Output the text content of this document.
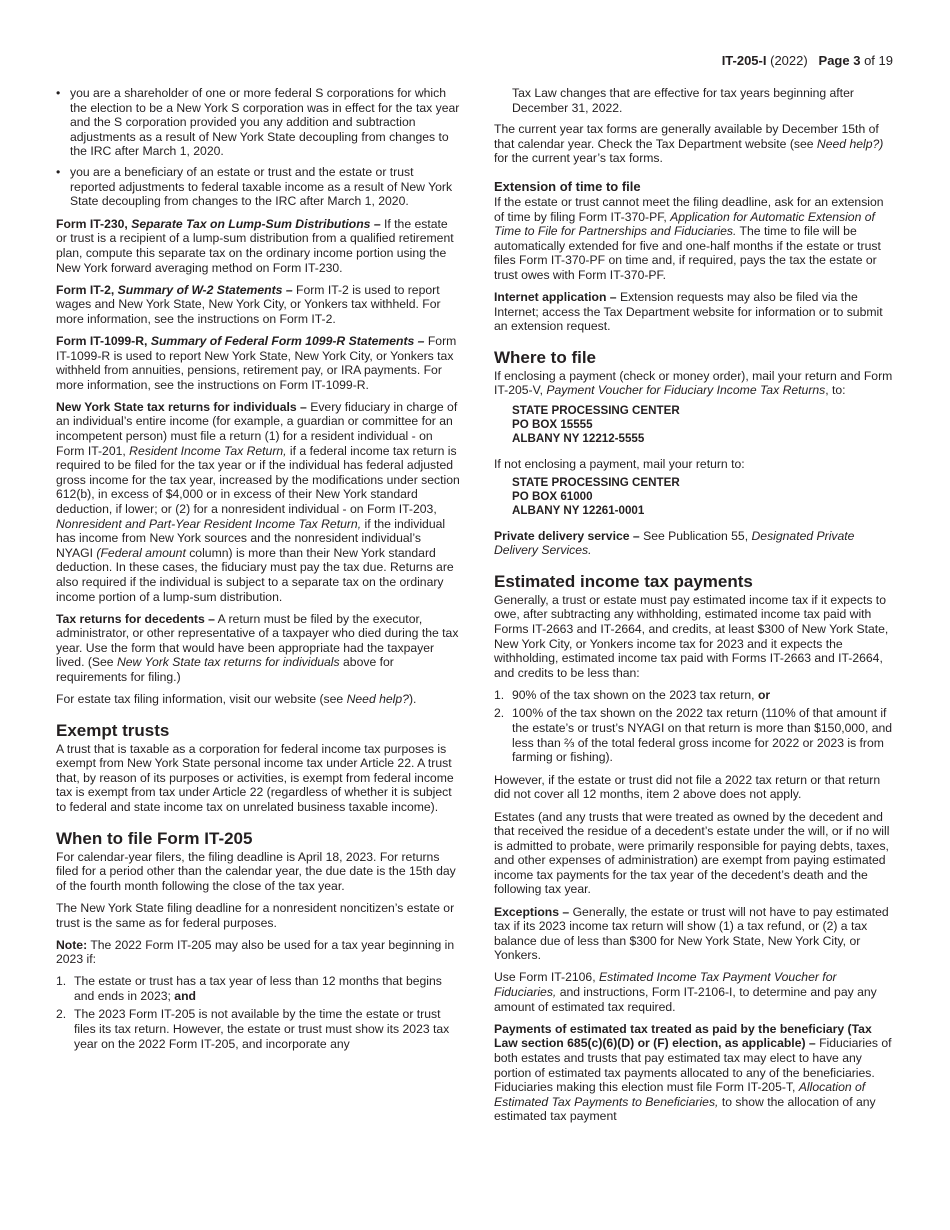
IT-205-I (2022) Page 3 of 19
• you are a shareholder of one or more federal S corporations for which the election to be a New York S corporation was in effect for the tax year and the S corporation provided you any addition and subtraction adjustments as a result of New York State decoupling from changes to the IRC after March 1, 2020.
• you are a beneficiary of an estate or trust and the estate or trust reported adjustments to federal taxable income as a result of New York State decoupling from changes to the IRC after March 1, 2020.

Form IT-230, Separate Tax on Lump-Sum Distributions – If the estate or trust is a recipient of a lump-sum distribution from a qualified retirement plan, compute this separate tax on the ordinary income portion using the New York forward averaging method on Form IT-230.

Form IT-2, Summary of W-2 Statements – Form IT-2 is used to report wages and New York State, New York City, or Yonkers tax withheld. For more information, see the instructions on Form IT-2.

Form IT-1099-R, Summary of Federal Form 1099-R Statements – Form IT-1099-R is used to report New York State, New York City, or Yonkers tax withheld from annuities, pensions, retirement pay, or IRA payments. For more information, see the instructions on Form IT-1099-R.

New York State tax returns for individuals – Every fiduciary in charge of an individual’s entire income (for example, a guardian or committee for an incompetent person) must file a return (1) for a resident individual - on Form IT-201, Resident Income Tax Return, if a federal income tax return is required to be filed for the tax year or if the individual has federal adjusted gross income for the tax year, increased by the modifications under section 612(b), in excess of $4,000 or in excess of their New York standard deduction, if lower; or (2) for a nonresident individual - on Form IT-203, Nonresident and Part-Year Resident Income Tax Return, if the individual has income from New York sources and the nonresident individual’s NYAGI (Federal amount column) is more than their New York standard deduction. In these cases, the fiduciary must pay the tax due. Returns are also required if the individual is subject to a separate tax on the ordinary income portion of a lump-sum distribution.

Tax returns for decedents – A return must be filed by the executor, administrator, or other representative of a taxpayer who died during the tax year. Use the form that would have been appropriate had the taxpayer lived. (See New York State tax returns for individuals above for requirements for filing.)

For estate tax filing information, visit our website (see Need help?).

Exempt trusts

A trust that is taxable as a corporation for federal income tax purposes is exempt from New York State personal income tax under Article 22. A trust that, by reason of its purposes or activities, is exempt from federal income tax is exempt from tax under Article 22 (regardless of whether it is subject to federal and state income tax on unrelated business taxable income).

When to file Form IT-205

For calendar-year filers, the filing deadline is April 18, 2023. For returns filed for a period other than the calendar year, the due date is the 15th day of the fourth month following the close of the tax year.

The New York State filing deadline for a nonresident noncitizen’s estate or trust is the same as for federal purposes.

Note: The 2022 Form IT-205 may also be used for a tax year beginning in 2023 if:

1. The estate or trust has a tax year of less than 12 months that begins and ends in 2023; and
2. The 2023 Form IT-205 is not available by the time the estate or trust files its tax return. However, the estate or trust must show its 2023 tax year on the 2022 Form IT-205, and incorporate any

Tax Law changes that are effective for tax years beginning after December 31, 2022.

The current year tax forms are generally available by December 15th of that calendar year. Check the Tax Department website (see Need help?) for the current year’s tax forms.

Extension of time to file

If the estate or trust cannot meet the filing deadline, ask for an extension of time by filing Form IT-370-PF, Application for Automatic Extension of Time to File for Partnerships and Fiduciaries. The time to file will be automatically extended for five and one-half months if the estate or trust files Form IT-370-PF on time and, if required, pays the tax the estate or trust owes with Form IT-370-PF.

Internet application – Extension requests may also be filed via the Internet; access the Tax Department website for information or to submit an extension request.

Where to file

If enclosing a payment (check or money order), mail your return and Form IT-205-V, Payment Voucher for Fiduciary Income Tax Returns, to:

STATE PROCESSING CENTER
PO BOX 15555
ALBANY NY 12212-5555

If not enclosing a payment, mail your return to:

STATE PROCESSING CENTER
PO BOX 61000
ALBANY NY 12261-0001

Private delivery service – See Publication 55, Designated Private Delivery Services.

Estimated income tax payments

Generally, a trust or estate must pay estimated income tax if it expects to owe, after subtracting any withholding, estimated income tax paid with Forms IT-2663 and IT-2664, and credits, at least $300 of New York State, New York City, or Yonkers income tax for 2023 and it expects the withholding, estimated income tax paid with Forms IT-2663 and IT-2664, and credits to be less than:

1. 90% of the tax shown on the 2023 tax return, or
2. 100% of the tax shown on the 2022 tax return (110% of that amount if the estate’s or trust’s NYAGI on that return is more than $150,000, and less than ⅔ of the total federal gross income for 2022 or 2023 is from farming or fishing).

However, if the estate or trust did not file a 2022 tax return or that return did not cover all 12 months, item 2 above does not apply.

Estates (and any trusts that were treated as owned by the decedent and that received the residue of a decedent’s estate under the will, or if no will is admitted to probate, were primarily responsible for paying debts, taxes, and other expenses of administration) are exempt from paying estimated income tax payments for the tax year of the decedent’s death and the following tax year.

Exceptions – Generally, the estate or trust will not have to pay estimated tax if its 2023 income tax return will show (1) a tax refund, or (2) a tax balance due of less than $300 for New York State, New York City, or Yonkers.

Use Form IT-2106, Estimated Income Tax Payment Voucher for Fiduciaries, and instructions, Form IT-2106-I, to determine and pay any amount of estimated tax required.

Payments of estimated tax treated as paid by the beneficiary (Tax Law section 685(c)(6)(D) or (F) election, as applicable) – Fiduciaries of both estates and trusts that pay estimated tax may elect to have any portion of estimated tax payments allocated to any of the beneficiaries. Fiduciaries making this election must file Form IT-205-T, Allocation of Estimated Tax Payments to Beneficiaries, to show the allocation of any estimated tax payment
